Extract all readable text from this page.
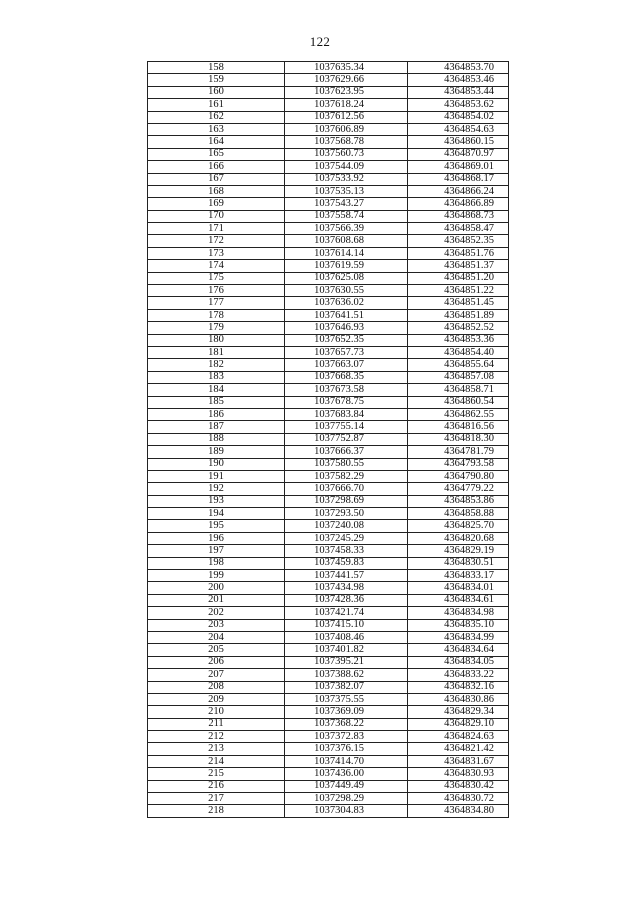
122
158	1037635.34	4364853.70
159	1037629.66	4364853.46
160	1037623.95	4364853.44
161	1037618.24	4364853.62
162	1037612.56	4364854.02
163	1037606.89	4364854.63
164	1037568.78	4364860.15
165	1037560.73	4364870.97
166	1037544.09	4364869.01
167	1037533.92	4364868.17
168	1037535.13	4364866.24
169	1037543.27	4364866.89
170	1037558.74	4364868.73
171	1037566.39	4364858.47
172	1037608.68	4364852.35
173	1037614.14	4364851.76
174	1037619.59	4364851.37
175	1037625.08	4364851.20
176	1037630.55	4364851.22
177	1037636.02	4364851.45
178	1037641.51	4364851.89
179	1037646.93	4364852.52
180	1037652.35	4364853.36
181	1037657.73	4364854.40
182	1037663.07	4364855.64
183	1037668.35	4364857.08
184	1037673.58	4364858.71
185	1037678.75	4364860.54
186	1037683.84	4364862.55
187	1037755.14	4364816.56
188	1037752.87	4364818.30
189	1037666.37	4364781.79
190	1037580.55	4364793.58
191	1037582.29	4364790.80
192	1037666.70	4364779.22
193	1037298.69	4364853.86
194	1037293.50	4364858.88
195	1037240.08	4364825.70
196	1037245.29	4364820.68
197	1037458.33	4364829.19
198	1037459.83	4364830.51
199	1037441.57	4364833.17
200	1037434.98	4364834.01
201	1037428.36	4364834.61
202	1037421.74	4364834.98
203	1037415.10	4364835.10
204	1037408.46	4364834.99
205	1037401.82	4364834.64
206	1037395.21	4364834.05
207	1037388.62	4364833.22
208	1037382.07	4364832.16
209	1037375.55	4364830.86
210	1037369.09	4364829.34
211	1037368.22	4364829.10
212	1037372.83	4364824.63
213	1037376.15	4364821.42
214	1037414.70	4364831.67
215	1037436.00	4364830.93
216	1037449.49	4364830.42
217	1037298.29	4364830.72
218	1037304.83	4364834.80
